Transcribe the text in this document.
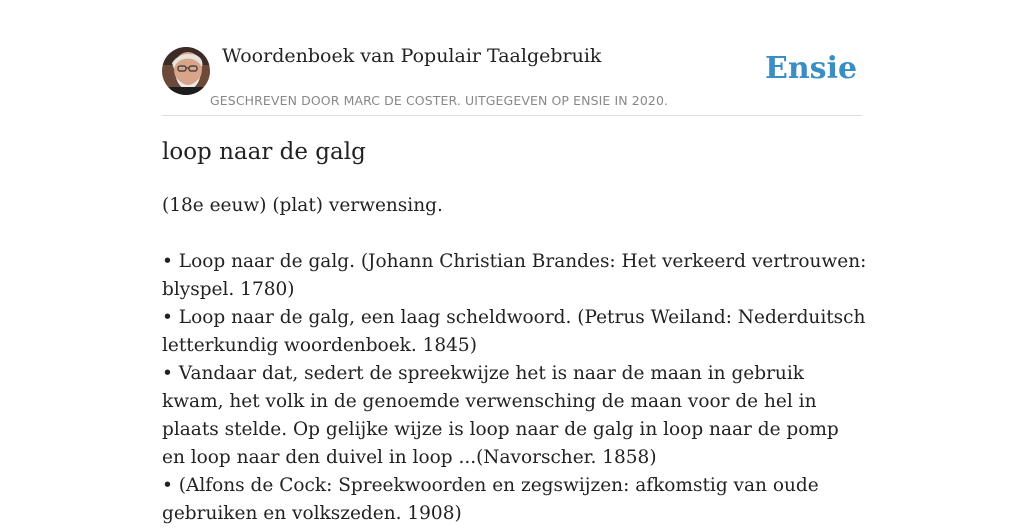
Woordenboek van Populair Taalgebruik
GESCHREVEN DOOR MARC DE COSTER. UITGEGEVEN OP ENSIE IN 2020.
Ensie
loop naar de galg

(18e eeuw) (plat) verwensing.

• Loop naar de galg. (Johann Christian Brandes: Het verkeerd vertrouwen: blyspel. 1780)

• Loop naar de galg, een laag scheldwoord. (Petrus Weiland: Nederduitsch letterkundig woordenboek. 1845)

• Vandaar dat, sedert de spreekwijze het is naar de maan in gebruik kwam, het volk in de genoemde verwensching de maan voor de hel in plaats stelde. Op gelijke wijze is loop naar de galg in loop naar de pomp en loop naar den duivel in loop ...(Navorscher. 1858)

• (Alfons de Cock: Spreekwoorden en zegswijzen: afkomstig van oude gebruiken en volkszeden. 1908)
